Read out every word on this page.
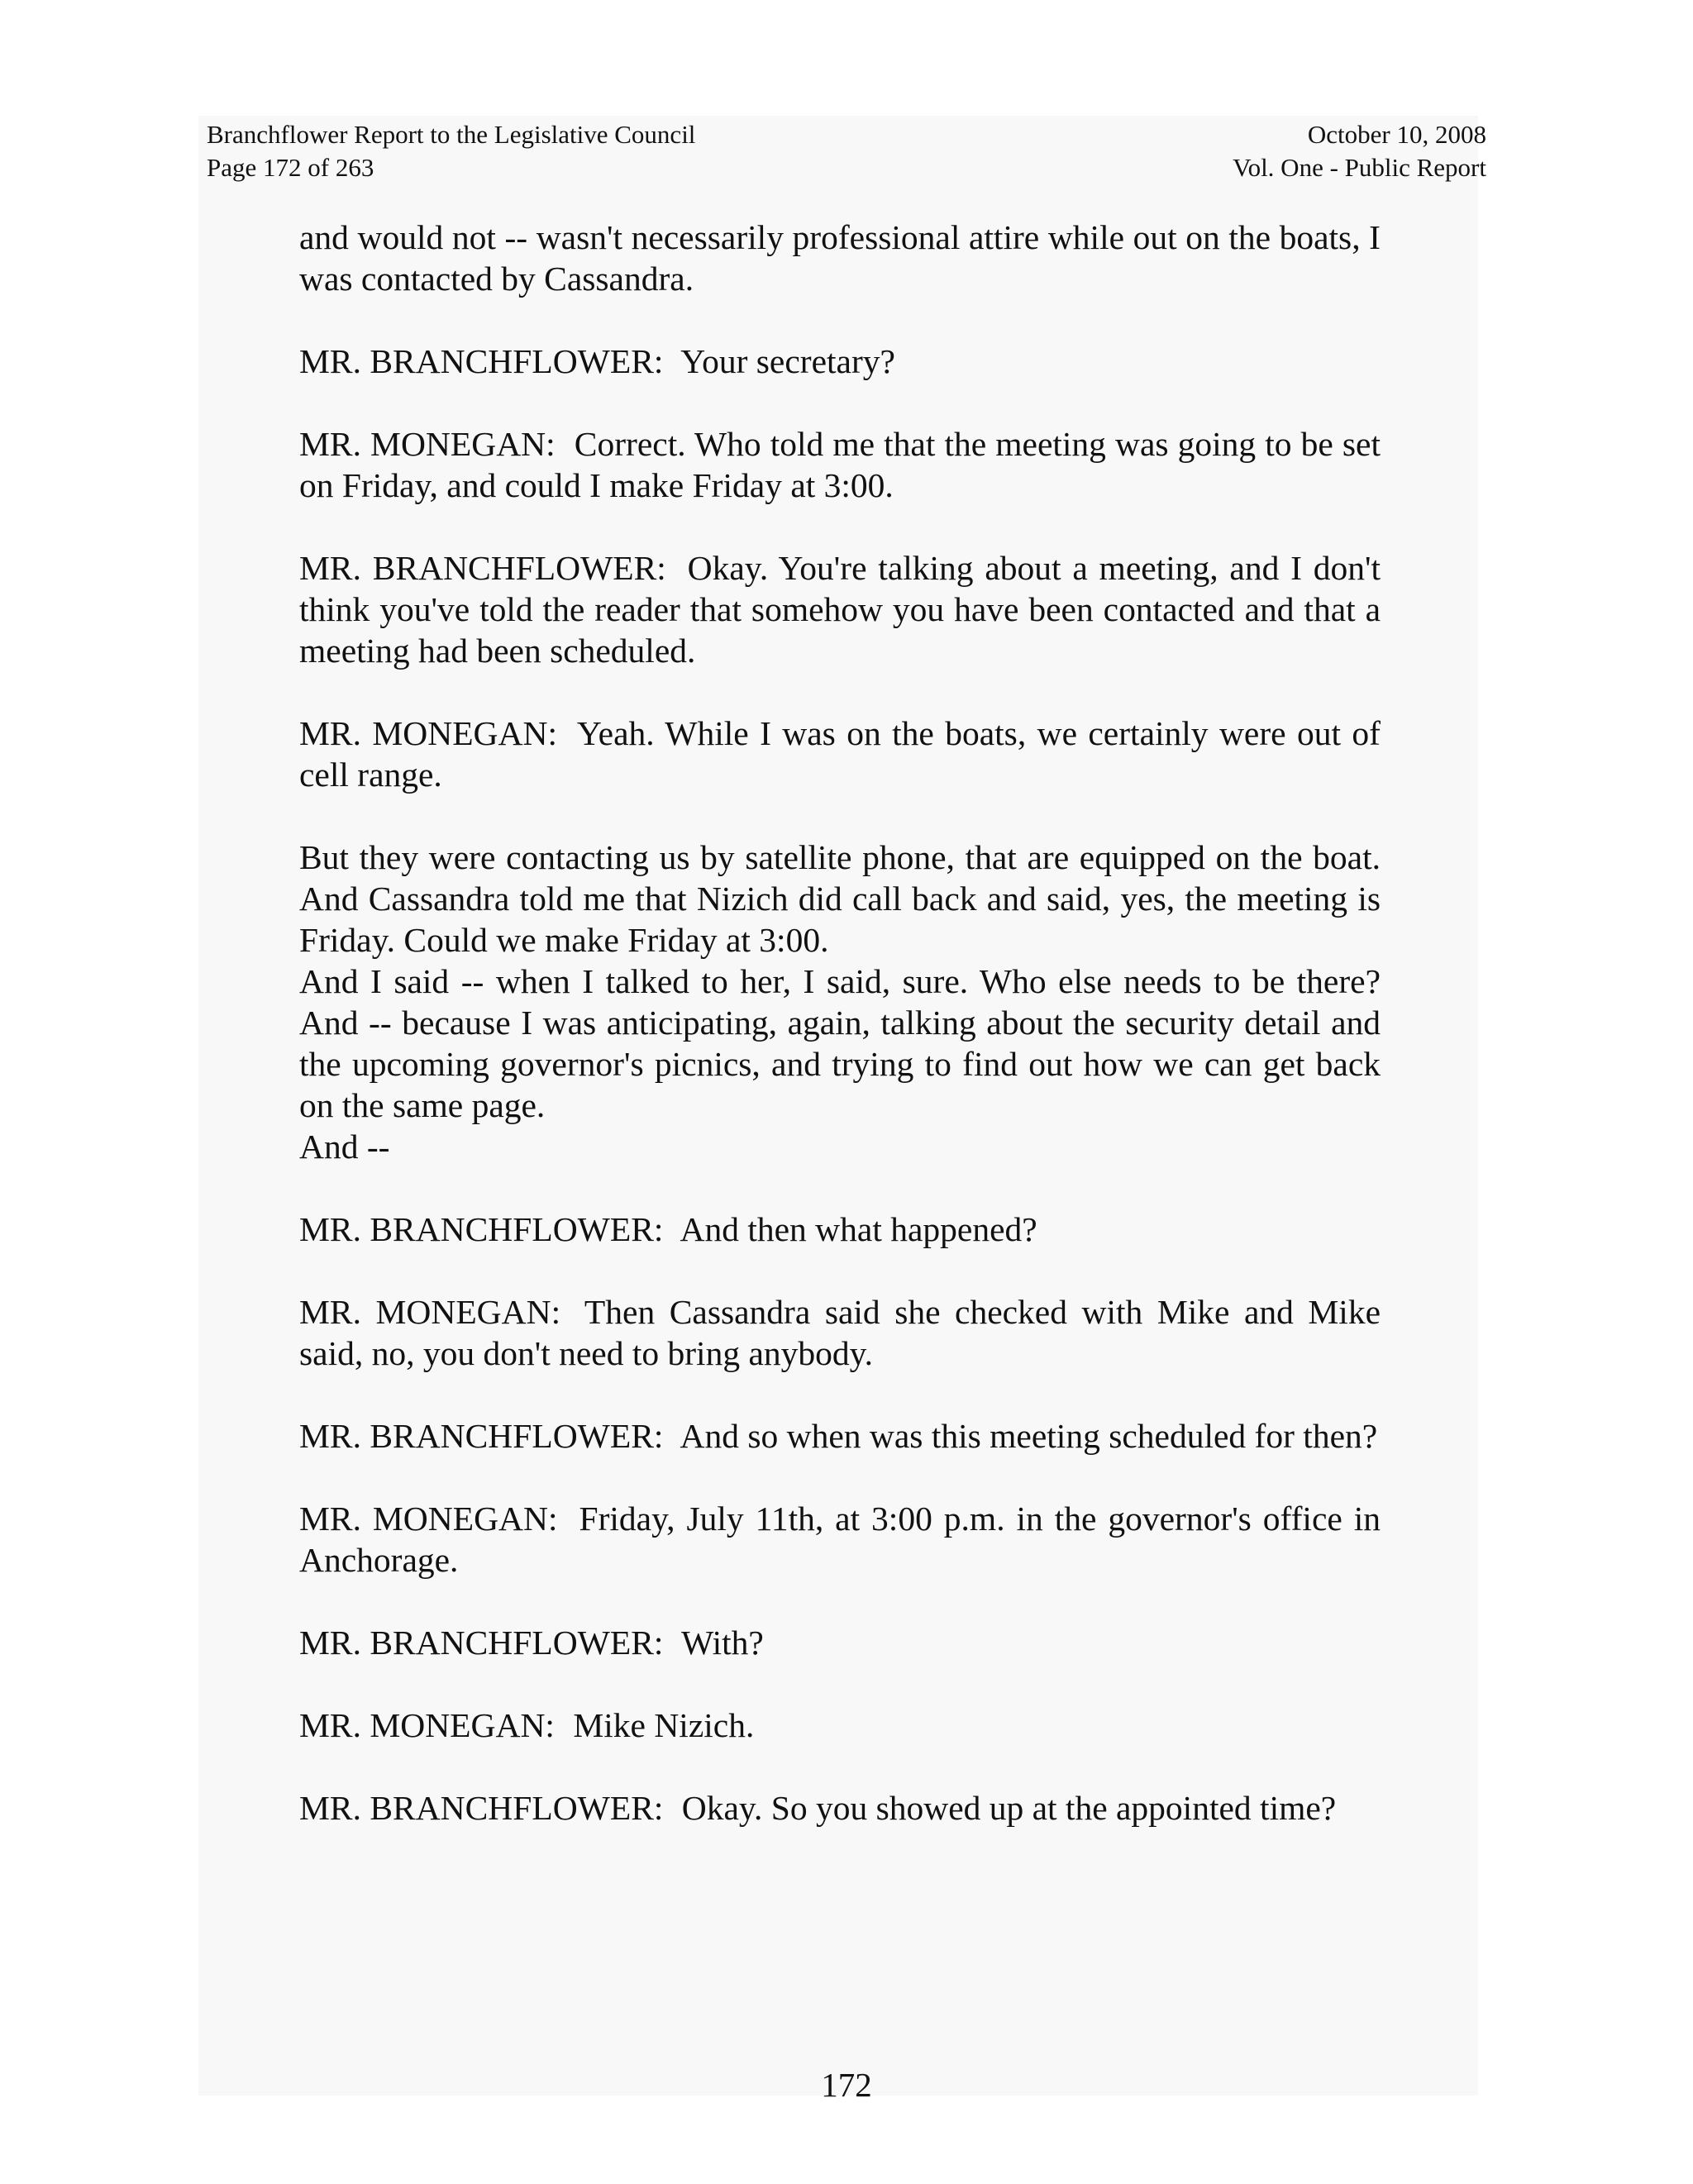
Branchflower Report to the Legislative Council
Page 172 of 263
October 10, 2008
Vol. One - Public Report

and would not -- wasn't necessarily professional attire while out on the boats, I was contacted by Cassandra.

MR. BRANCHFLOWER: Your secretary?

MR. MONEGAN: Correct. Who told me that the meeting was going to be set on Friday, and could I make Friday at 3:00.

MR. BRANCHFLOWER: Okay. You're talking about a meeting, and I don't think you've told the reader that somehow you have been contacted and that a meeting had been scheduled.

MR. MONEGAN: Yeah. While I was on the boats, we certainly were out of cell range.

But they were contacting us by satellite phone, that are equipped on the boat. And Cassandra told me that Nizich did call back and said, yes, the meeting is Friday. Could we make Friday at 3:00.

And I said -- when I talked to her, I said, sure. Who else needs to be there? And -- because I was anticipating, again, talking about the security detail and the upcoming governor's picnics, and trying to find out how we can get back on the same page.

And --

MR. BRANCHFLOWER: And then what happened?

MR. MONEGAN: Then Cassandra said she checked with Mike and Mike said, no, you don't need to bring anybody.

MR. BRANCHFLOWER: And so when was this meeting scheduled for then?

MR. MONEGAN: Friday, July 11th, at 3:00 p.m. in the governor's office in Anchorage.

MR. BRANCHFLOWER: With?

MR. MONEGAN: Mike Nizich.

MR. BRANCHFLOWER: Okay. So you showed up at the appointed time?

172
